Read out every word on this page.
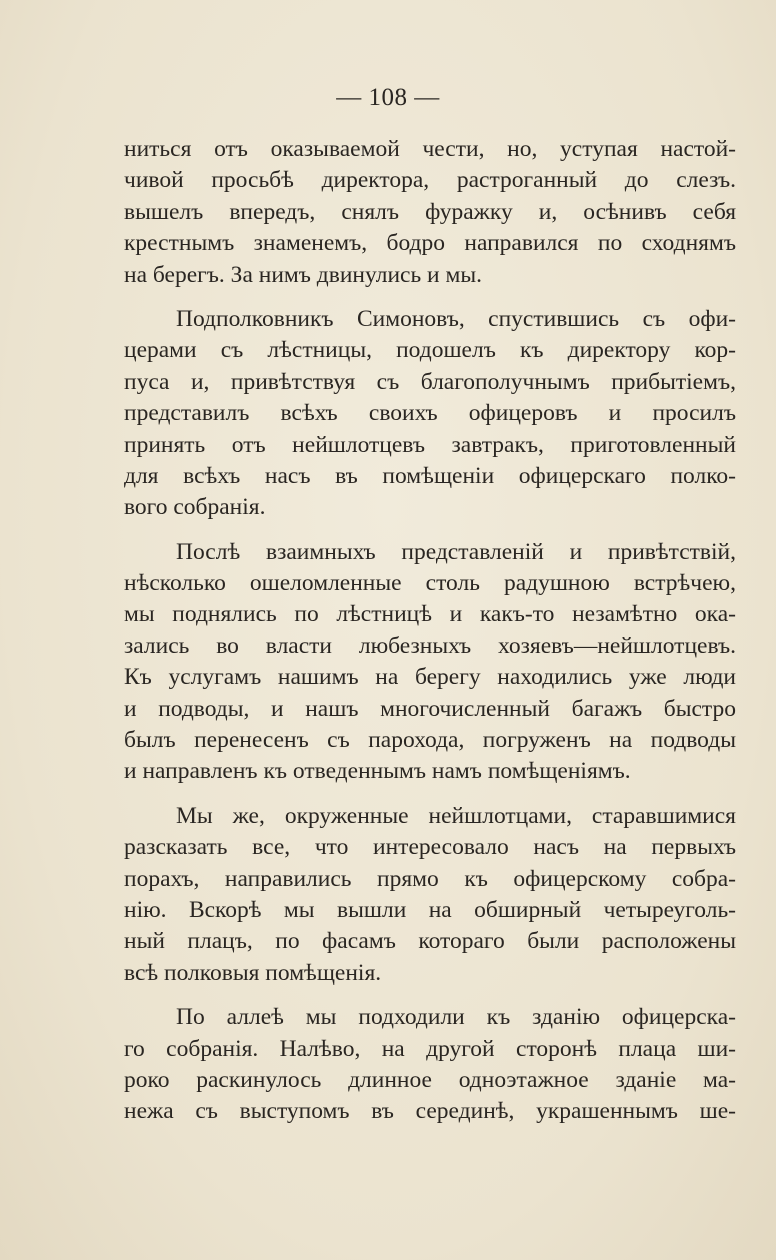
— 108 —
ниться отъ оказываемой чести, но, уступая настой-
чивой просьбѣ директора, растроганный до слезъ.
вышелъ впередъ, снялъ фуражку и, осѣнивъ себя
крестнымъ знаменемъ, бодро направился по сходнямъ
на берегъ. За нимъ двинулись и мы.
Подполковникъ Симоновъ, спустившись съ офи-
церами съ лѣстницы, подошелъ къ директору кор-
пуса и, привѣтствуя съ благополучнымъ прибытіемъ,
представилъ всѣхъ своихъ офицеровъ и просилъ
принять отъ нейшлотцевъ завтракъ, приготовленный
для всѣхъ насъ въ помѣщеніи офицерскаго полко-
вого собранія.
Послѣ взаимныхъ представленій и привѣтствій,
нѣсколько ошеломленные столь радушною встрѣчею,
мы поднялись по лѣстницѣ и какъ-то незамѣтно ока-
зались во власти любезныхъ хозяевъ—нейшлотцевъ.
Къ услугамъ нашимъ на берегу находились уже люди
и подводы, и нашъ многочисленный багажъ быстро
былъ перенесенъ съ парохода, погруженъ на подводы
и направленъ къ отведеннымъ намъ помѣщеніямъ.
Мы же, окруженные нейшлотцами, старавшимися
разсказать все, что интересовало насъ на первыхъ
порахъ, направились прямо къ офицерскому собра-
нію. Вскорѣ мы вышли на обширный четыреуголь-
ный плацъ, по фасамъ котораго были расположены
всѣ полковыя помѣщенія.
По аллеѣ мы подходили къ зданію офицерска-
го собранія. Налѣво, на другой сторонѣ плаца ши-
роко раскинулось длинное одноэтажное зданіе ма-
нежа съ выступомъ въ серединѣ, украшеннымъ ше-
